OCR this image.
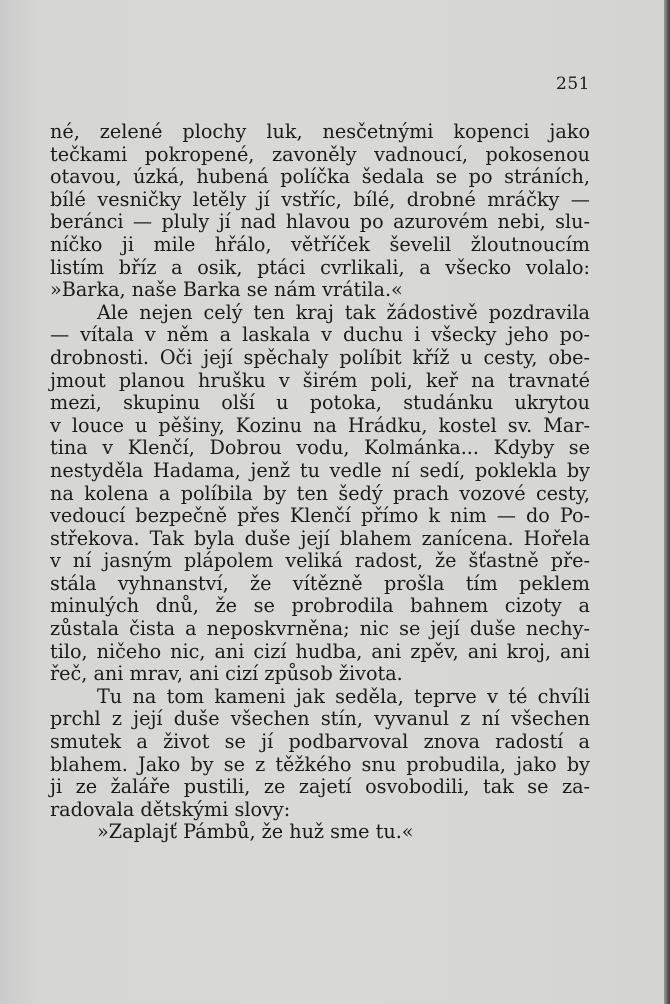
251
né, zelené plochy luk, nesčetnými kopenci jako
tečkami pokropené, zavoněly vadnoucí, pokosenou
otavou, úzká, hubená políčka šedala se po stráních,
bílé vesničky letěly jí vstříc, bílé, drobné mráčky —
beránci — pluly jí nad hlavou po azurovém nebi, slu-
níčko ji mile hřálo, větříček ševelil žloutnoucím
listím bříz a osik, ptáci cvrlikali, a všecko volalo:
»Barka, naše Barka se nám vrátila.«
Ale nejen celý ten kraj tak žádostivě pozdravila
— vítala v něm a laskala v duchu i všecky jeho po-
drobnosti. Oči její spěchaly políbit kříž u cesty, obe-
jmout planou hrušku v širém poli, keř na travnaté
mezi, skupinu olší u potoka, studánku ukrytou
v louce u pěšiny, Kozinu na Hrádku, kostel sv. Mar-
tina v Klenčí, Dobrou vodu, Kolmánka... Kdyby se
nestyděla Hadama, jenž tu vedle ní sedí, poklekla by
na kolena a políbila by ten šedý prach vozové cesty,
vedoucí bezpečně přes Klenčí přímo k nim — do Po-
střekova. Tak byla duše její blahem zanícena. Hořela
v ní jasným plápolem veliká radost, že šťastně pře-
stála vyhnanství, že vítězně prošla tím peklem
minulých dnů, že se probrodila bahnem cizoty a
zůstala čista a neposkvrněna; nic se její duše nechy-
tilo, ničeho nic, ani cizí hudba, ani zpěv, ani kroj, ani
řeč, ani mrav, ani cizí způsob života.
Tu na tom kameni jak seděla, teprve v té chvíli
prchl z její duše všechen stín, vyvanul z ní všechen
smutek a život se jí podbarvoval znova radostí a
blahem. Jako by se z těžkého snu probudila, jako by
ji ze žaláře pustili, ze zajetí osvobodili, tak se za-
radovala dětskými slovy:
»Zaplajť Pámbů, že huž sme tu.«
